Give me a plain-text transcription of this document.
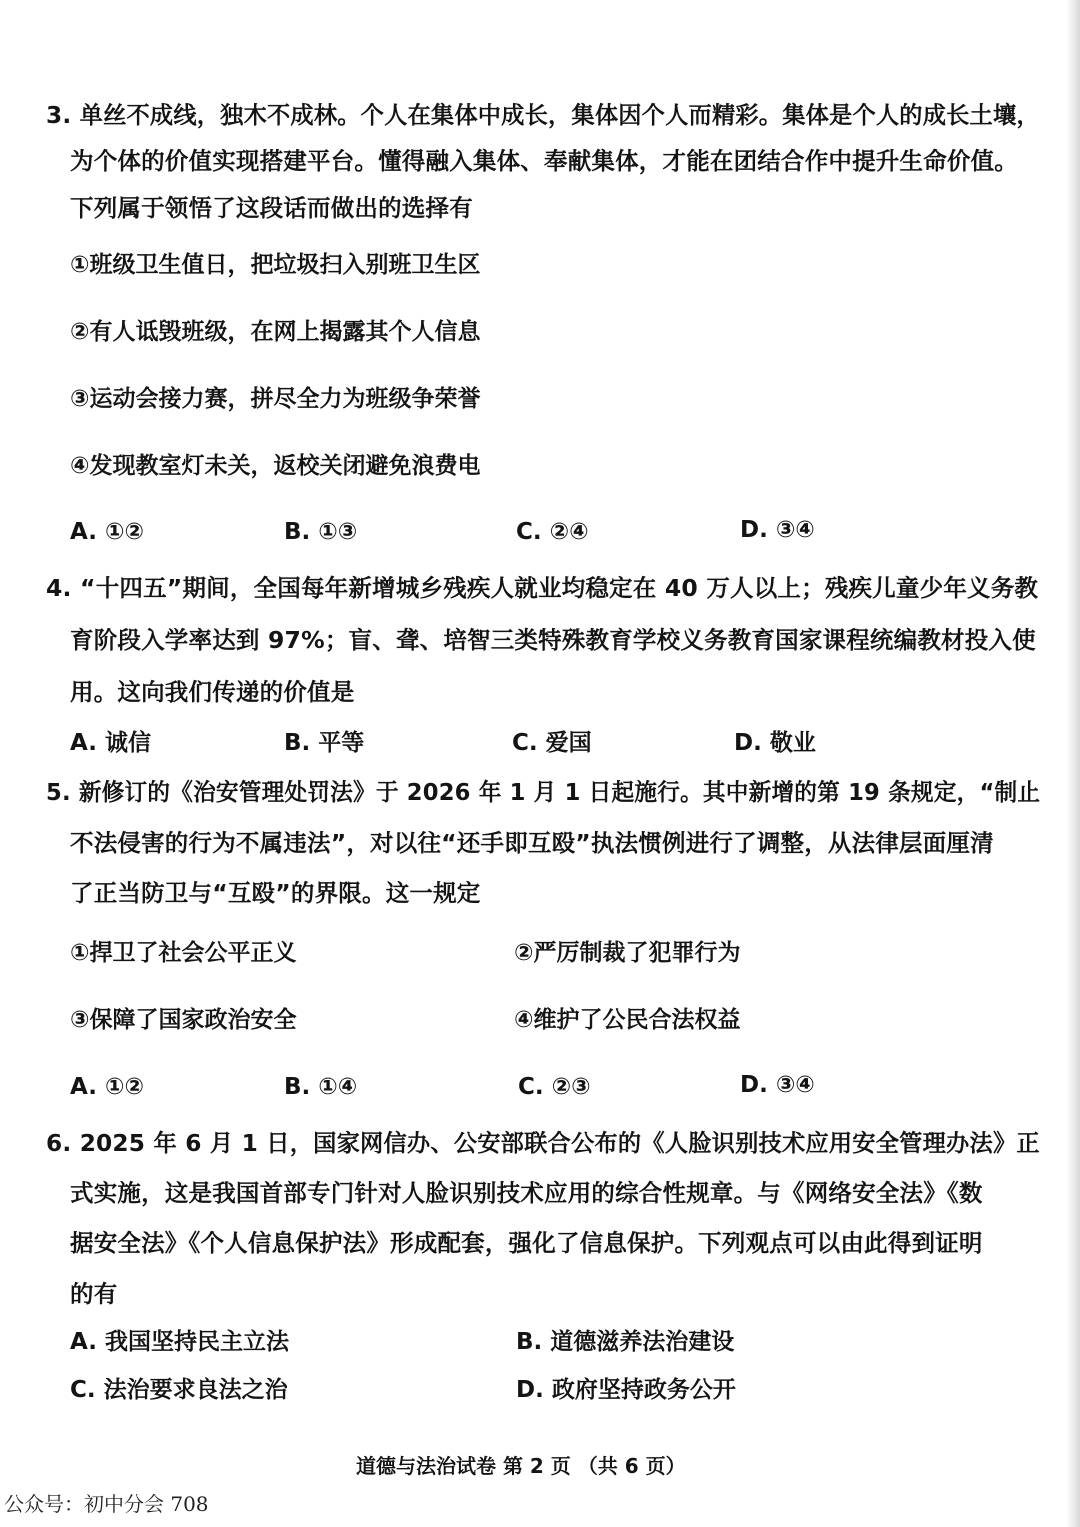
3. 单丝不成线，独木不成林。个人在集体中成长，集体因个人而精彩。集体是个人的成长土壤，
为个体的价值实现搭建平台。懂得融入集体、奉献集体，才能在团结合作中提升生命价值。
下列属于领悟了这段话而做出的选择有
①班级卫生值日，把垃圾扫入别班卫生区
②有人诋毁班级，在网上揭露其个人信息
③运动会接力赛，拼尽全力为班级争荣誉
④发现教室灯未关，返校关闭避免浪费电
A. ①②	B. ①③	C. ②④	D. ③④
4. “十四五”期间，全国每年新增城乡残疾人就业均稳定在 40 万人以上；残疾儿童少年义务教
育阶段入学率达到 97%；盲、聋、培智三类特殊教育学校义务教育国家课程统编教材投入使
用。这向我们传递的价值是
A. 诚信	B. 平等	C. 爱国	D. 敬业
5. 新修订的《治安管理处罚法》于 2026 年 1 月 1 日起施行。其中新增的第 19 条规定，“制止
不法侵害的行为不属违法”，对以往“还手即互殴”执法惯例进行了调整，从法律层面厘清
了正当防卫与“互殴”的界限。这一规定
①捍卫了社会公平正义	②严厉制裁了犯罪行为
③保障了国家政治安全	④维护了公民合法权益
A. ①②	B. ①④	C. ②③	D. ③④
6. 2025 年 6 月 1 日，国家网信办、公安部联合公布的《人脸识别技术应用安全管理办法》正
式实施，这是我国首部专门针对人脸识别技术应用的综合性规章。与《网络安全法》《数
据安全法》《个人信息保护法》形成配套，强化了信息保护。下列观点可以由此得到证明
的有
A. 我国坚持民主立法	B. 道德滋养法治建设
C. 法治要求良法之治	D. 政府坚持政务公开
道德与法治试卷 第 2 页 （共 6 页）
公众号：初中分会 708
